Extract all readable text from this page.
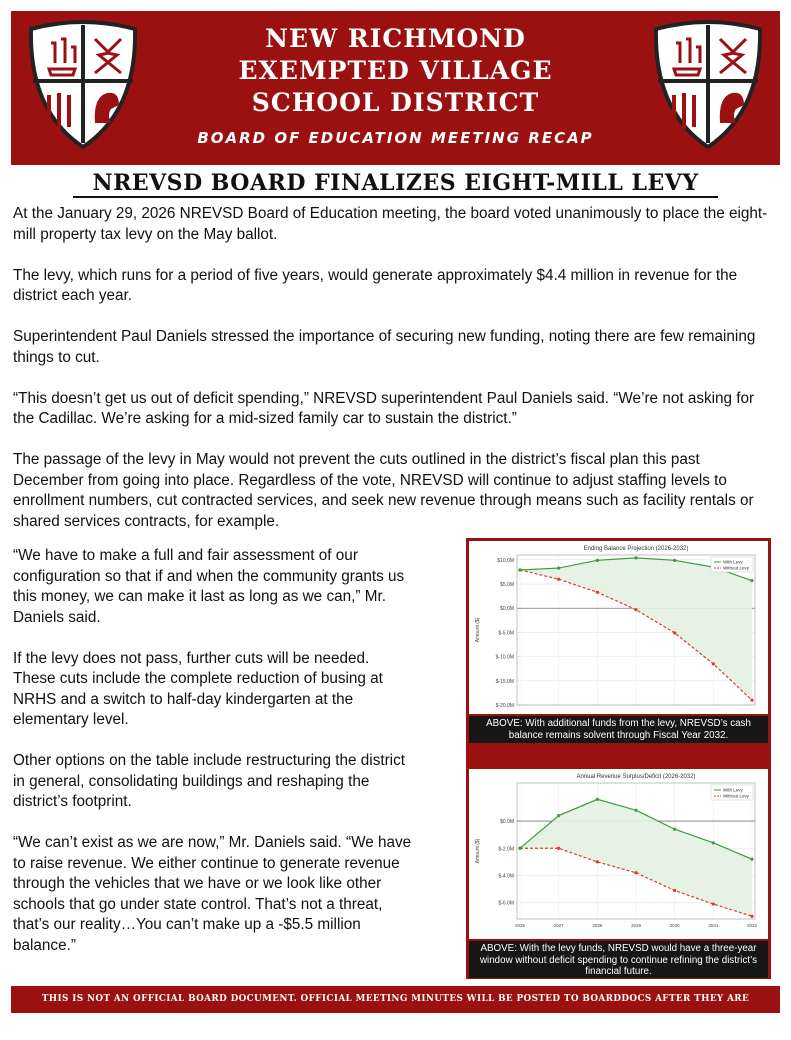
NEW RICHMOND
EXEMPTED VILLAGE
SCHOOL DISTRICT
BOARD OF EDUCATION MEETING RECAP
NREVSD BOARD FINALIZES EIGHT-MILL LEVY

At the January 29, 2026 NREVSD Board of Education meeting, the board voted unanimously to place the eight-mill property tax levy on the May ballot.

The levy, which runs for a period of five years, would generate approximately $4.4 million in revenue for the district each year.

Superintendent Paul Daniels stressed the importance of securing new funding, noting there are few remaining things to cut.

“This doesn’t get us out of deficit spending,” NREVSD superintendent Paul Daniels said. “We’re not asking for the Cadillac. We’re asking for a mid-sized family car to sustain the district.”

The passage of the levy in May would not prevent the cuts outlined in the district’s fiscal plan this past December from going into place. Regardless of the vote, NREVSD will continue to adjust staffing levels to enrollment numbers, cut contracted services, and seek new revenue through means such as facility rentals or shared services contracts, for example.

“We have to make a full and fair assessment of our configuration so that if and when the community grants us this money, we can make it last as long as we can,” Mr. Daniels said.

If the levy does not pass, further cuts will be needed. These cuts include the complete reduction of busing at NRHS and a switch to half-day kindergarten at the elementary level.

Other options on the table include restructuring the district in general, consolidating buildings and reshaping the district’s footprint.

“We can’t exist as we are now,” Mr. Daniels said. “We have to raise revenue. We either continue to generate revenue through the vehicles that we have or we look like other schools that go under state control. That’s not a threat, that’s our reality…You can’t make up a -$5.5 million balance.”

Ending Balance Projection (2026-2032)
$10.0M
$5.0M
$0.0M
$-5.0M
$-10.0M
$-15.0M
$-20.0M
Amount ($)
With Levy
Without Levy
ABOVE: With additional funds from the levy, NREVSD’s cash balance remains solvent through Fiscal Year 2032.
Annual Revenue Surplus/Deficit (2026-2032)
$0.0M
$-2.0M
$-4.0M
$-6.0M
2026	2027	2028	2029	2030	2031	2032
Amount ($)
With Levy
Without Levy
ABOVE: With the levy funds, NREVSD would have a three-year window without deficit spending to continue refining the district’s financial future.
THIS IS NOT AN OFFICIAL BOARD DOCUMENT. OFFICIAL MEETING MINUTES WILL BE POSTED TO BOARDDOCS AFTER THEY ARE APPROVED.
